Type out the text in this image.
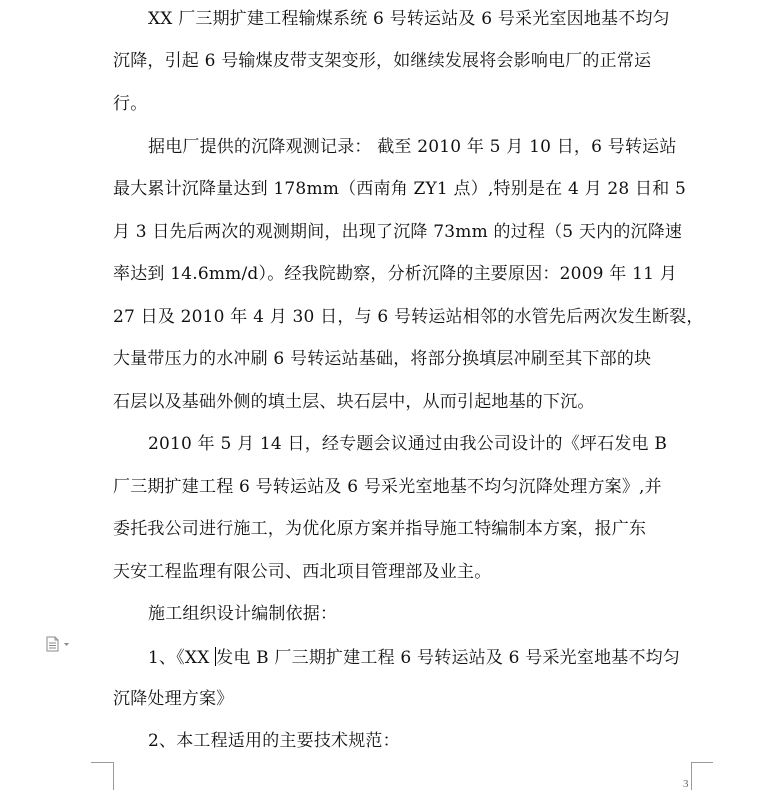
XX 厂三期扩建工程输煤系统 6 号转运站及 6 号采光室因地基不均匀
沉降，引起 6 号输煤皮带支架变形，如继续发展将会影响电厂的正常运
行。
据电厂提供的沉降观测记录： 截至 2010 年 5 月 10 日，6 号转运站
最大累计沉降量达到 178mm（西南角 ZY1 点）,特别是在 4 月 28 日和 5
月 3 日先后两次的观测期间，出现了沉降 73mm 的过程（5 天内的沉降速
率达到 14.6mm/d）。经我院勘察，分析沉降的主要原因：2009 年 11 月
27 日及 2010 年 4 月 30 日，与 6 号转运站相邻的水管先后两次发生断裂，
大量带压力的水冲刷 6 号转运站基础，将部分换填层冲刷至其下部的块
石层以及基础外侧的填土层、块石层中，从而引起地基的下沉。
2010 年 5 月 14 日，经专题会议通过由我公司设计的《坪石发电 B
厂三期扩建工程 6 号转运站及 6 号采光室地基不均匀沉降处理方案》,并
委托我公司进行施工，为优化原方案并指导施工特编制本方案，报广东
天安工程监理有限公司、西北项目管理部及业主。
施工组织设计编制依据：
1、《XX 发电 B 厂三期扩建工程 6 号转运站及 6 号采光室地基不均匀
沉降处理方案》
2、本工程适用的主要技术规范：
3
